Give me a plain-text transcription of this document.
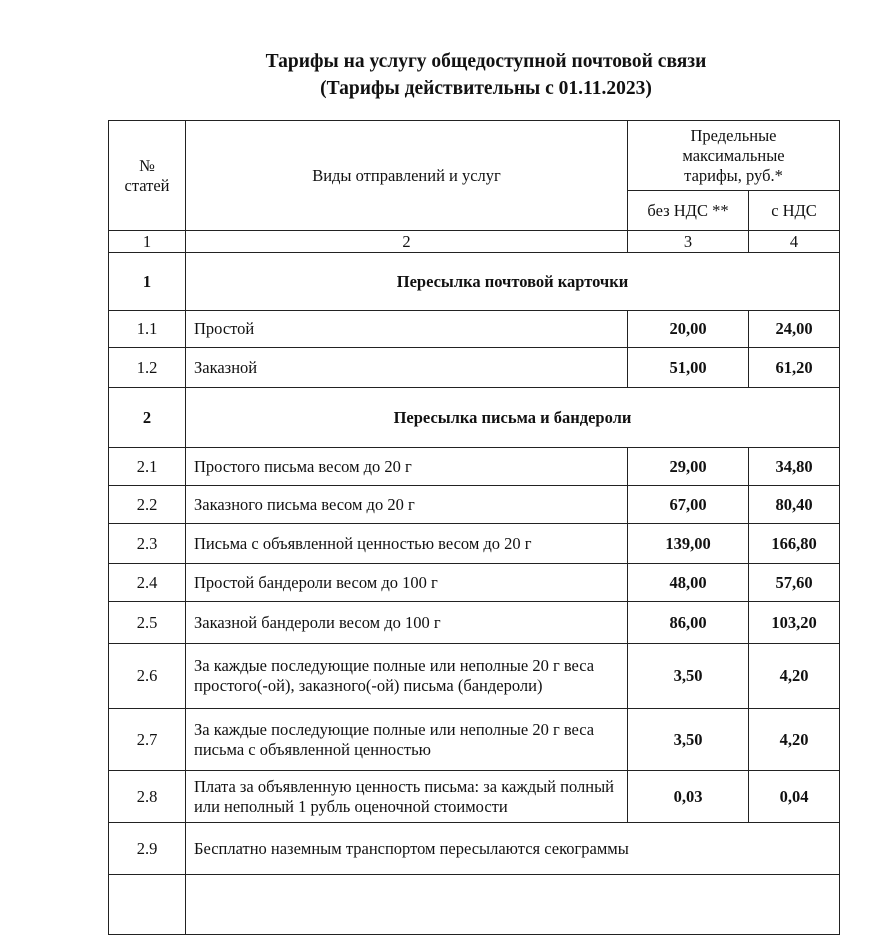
Тарифы на услугу общедоступной почтовой связи
(Тарифы действительны с 01.11.2023)
№ статей	Виды отправлений и услуг	Предельные максимальные тарифы, руб.*	
		без НДС **	с НДС
1	2	3	4
1	Пересылка почтовой карточки		
1.1	Простой	20,00	24,00
1.2	Заказной	51,00	61,20
2	Пересылка письма и бандероли		
2.1	Простого письма весом до 20 г	29,00	34,80
2.2	Заказного письма весом до 20 г	67,00	80,40
2.3	Письма с объявленной ценностью весом до 20 г	139,00	166,80
2.4	Простой бандероли весом до 100 г	48,00	57,60
2.5	Заказной бандероли весом до 100 г	86,00	103,20
2.6	За каждые последующие полные или неполные 20 г веса простого(-ой), заказного(-ой) письма (бандероли)	3,50	4,20
2.7	За каждые последующие полные или неполные 20 г веса письма с объявленной ценностью	3,50	4,20
2.8	Плата за объявленную ценность письма: за каждый полный или неполный 1 рубль оценочной стоимости	0,03	0,04
2.9	Бесплатно наземным транспортом пересылаются секограммы		
